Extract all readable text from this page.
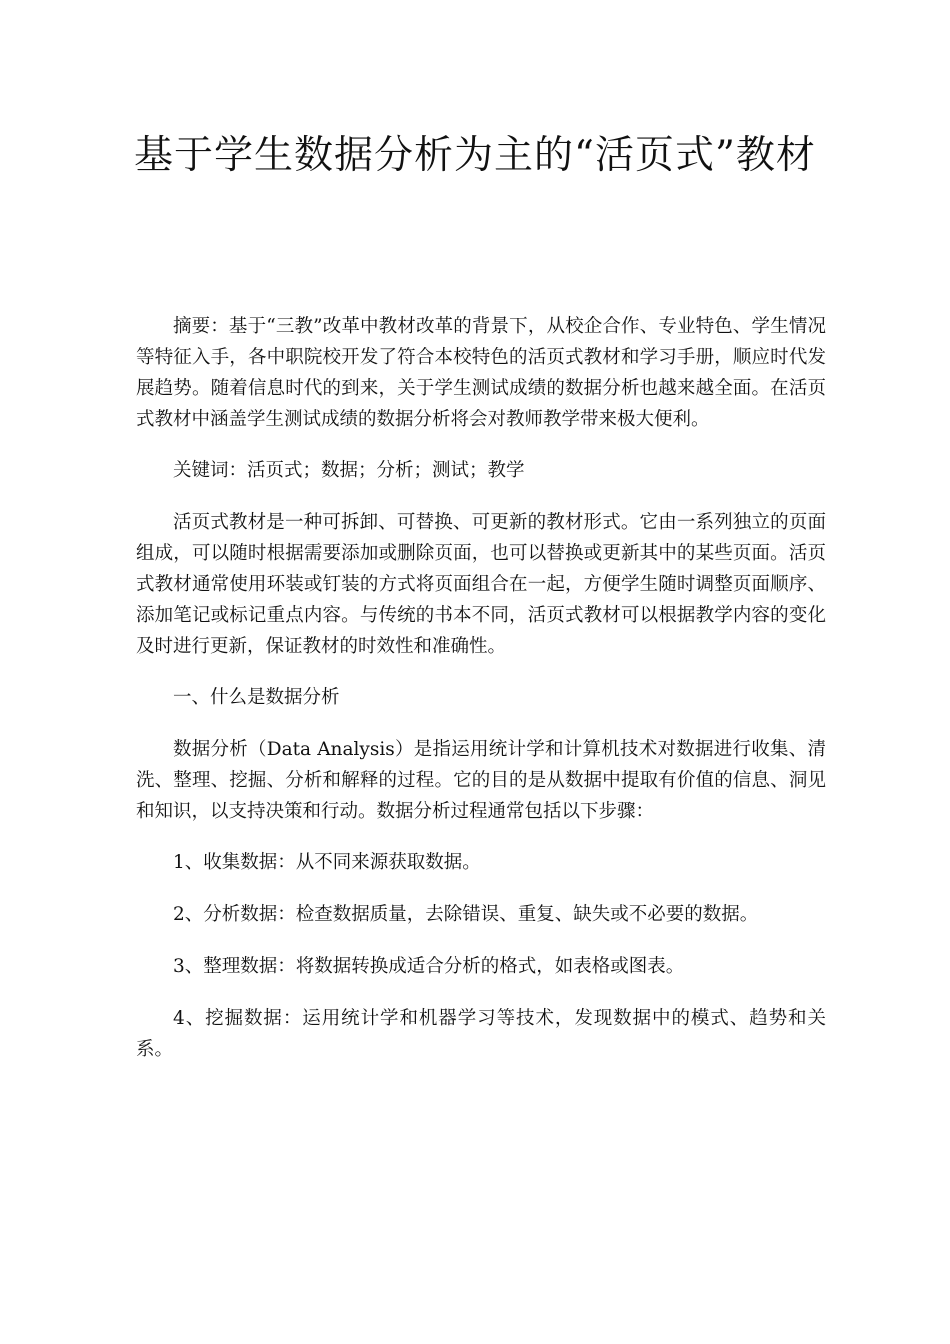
基于学生数据分析为主的“活页式”教材

摘要：基于“三教”改革中教材改革的背景下，从校企合作、专业特色、学生情况等特征入手，各中职院校开发了符合本校特色的活页式教材和学习手册，顺应时代发展趋势。随着信息时代的到来，关于学生测试成绩的数据分析也越来越全面。在活页式教材中涵盖学生测试成绩的数据分析将会对教师教学带来极大便利。

关键词：活页式；数据；分析；测试；教学

活页式教材是一种可拆卸、可替换、可更新的教材形式。它由一系列独立的页面组成，可以随时根据需要添加或删除页面，也可以替换或更新其中的某些页面。活页式教材通常使用环装或钉装的方式将页面组合在一起，方便学生随时调整页面顺序、添加笔记或标记重点内容。与传统的书本不同，活页式教材可以根据教学内容的变化及时进行更新，保证教材的时效性和准确性。

一、什么是数据分析

数据分析（Data Analysis）是指运用统计学和计算机技术对数据进行收集、清洗、整理、挖掘、分析和解释的过程。它的目的是从数据中提取有价值的信息、洞见和知识，以支持决策和行动。数据分析过程通常包括以下步骤：

1、收集数据：从不同来源获取数据。

2、分析数据：检查数据质量，去除错误、重复、缺失或不必要的数据。

3、整理数据：将数据转换成适合分析的格式，如表格或图表。

4、挖掘数据：运用统计学和机器学习等技术，发现数据中的模式、趋势和关系。
